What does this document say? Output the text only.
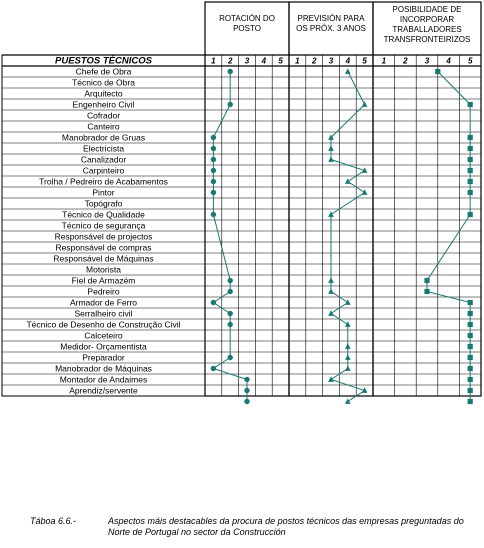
PUESTOS TÉCNICOS
ROTACIÓN DO
POSTO
PREVISIÓN PARA
OS PRÓX. 3 ANOS
POSIBILIDADE DE
INCORPORAR
TRABALLADORES
TRANSFRONTEIRIZOS
1 2 3 4 5 1 2 3 4 5 1 2 3 4 5
Chefe de Obra
Técnico de Obra
Arquitecto
Engenheiro Civil
Cofrador
Canteiro
Manobrador de Gruas
Electricista
Canalizador
Carpinteiro
Trolha / Pedreiro de Acabamentos
Pintor
Topógrafo
Técnico de Qualidade
Técnico de segurança
Responsável de projectos
Responsável de compras
Responsável de Máquinas
Motorista
Fiel de Armazém
Pedreiro
Armador de Ferro
Serralheiro civil
Técnico de Desenho de Construção Civil
Calceteiro
Medidor- Orçamentista
Preparador
Manobrador de Máquinas
Montador de Andaimes
Aprendiz/servente
Táboa 6.6.-	Aspectos máis destacables da procura de postos técnicos das empresas preguntadas do Norte de Portugal no sector da Construcción
